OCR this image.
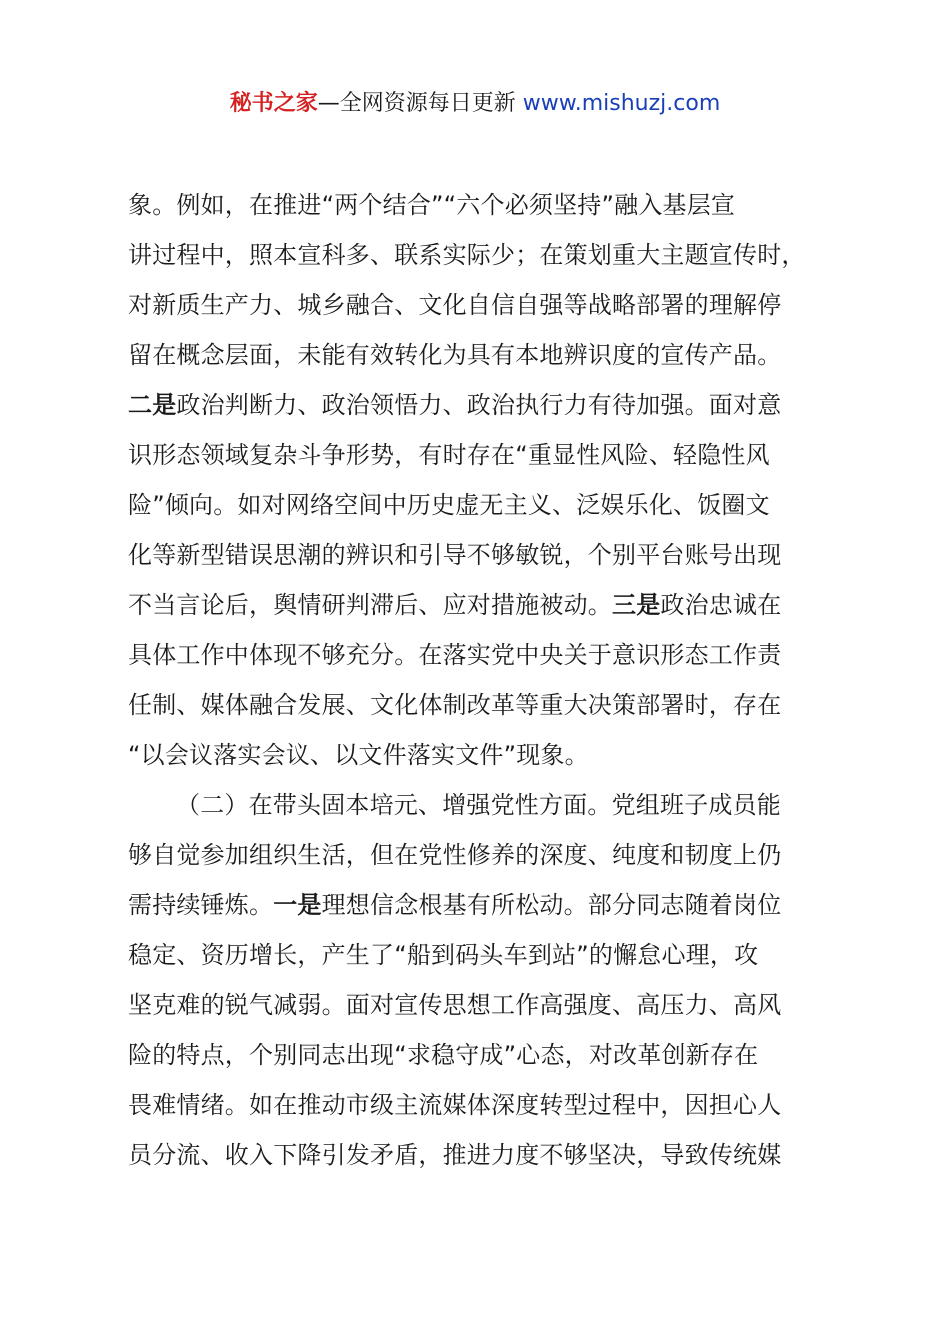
秘书之家—全网资源每日更新 www.mishuzj.com
象。例如，在推进“两个结合”“六个必须坚持”融入基层宣
讲过程中，照本宣科多、联系实际少；在策划重大主题宣传时，
对新质生产力、城乡融合、文化自信自强等战略部署的理解停
留在概念层面，未能有效转化为具有本地辨识度的宣传产品。
二是政治判断力、政治领悟力、政治执行力有待加强。面对意
识形态领域复杂斗争形势，有时存在“重显性风险、轻隐性风
险”倾向。如对网络空间中历史虚无主义、泛娱乐化、饭圈文
化等新型错误思潮的辨识和引导不够敏锐，个别平台账号出现
不当言论后，舆情研判滞后、应对措施被动。三是政治忠诚在
具体工作中体现不够充分。在落实党中央关于意识形态工作责
任制、媒体融合发展、文化体制改革等重大决策部署时，存在
“以会议落实会议、以文件落实文件”现象。
（二）在带头固本培元、增强党性方面。党组班子成员能
够自觉参加组织生活，但在党性修养的深度、纯度和韧度上仍
需持续锤炼。一是理想信念根基有所松动。部分同志随着岗位
稳定、资历增长，产生了“船到码头车到站”的懈怠心理，攻
坚克难的锐气减弱。面对宣传思想工作高强度、高压力、高风
险的特点，个别同志出现“求稳守成”心态，对改革创新存在
畏难情绪。如在推动市级主流媒体深度转型过程中，因担心人
员分流、收入下降引发矛盾，推进力度不够坚决，导致传统媒
